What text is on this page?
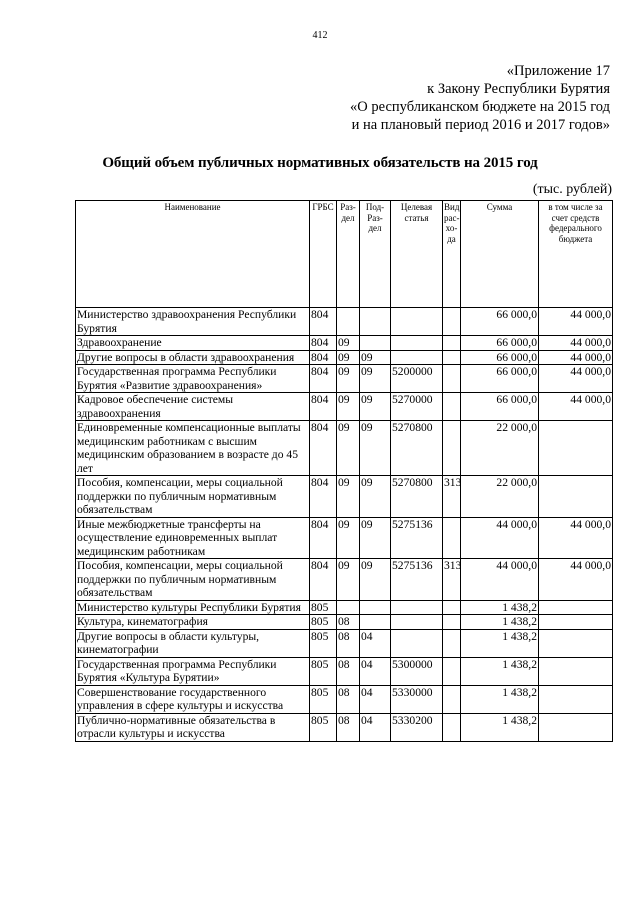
412
«Приложение 17
к Закону Республики Бурятия
«О республиканском бюджете на 2015 год
и на плановый период 2016 и 2017 годов»
Общий объем публичных нормативных обязательств на 2015 год
(тыс. рублей)
Наименование	ГРБС	Раз-дел	Под-Раз-дел	Целевая статья	Вид рас-хо-да	Сумма	в том числе за счет средств федерального бюджета
Министерство здравоохранения Республики Бурятия	804					66 000,0	44 000,0
Здравоохранение	804	09				66 000,0	44 000,0
Другие вопросы в области здравоохранения	804	09	09			66 000,0	44 000,0
Государственная программа Республики Бурятия «Развитие здравоохранения»	804	09	09	5200000		66 000,0	44 000,0
Кадровое обеспечение системы здравоохранения	804	09	09	5270000		66 000,0	44 000,0
Единовременные компенсационные выплаты медицинским работникам с высшим медицинским образованием в возрасте до 45 лет	804	09	09	5270800		22 000,0	
Пособия, компенсации, меры социальной поддержки по публичным нормативным обязательствам	804	09	09	5270800	313	22 000,0	
Иные межбюджетные трансферты на осуществление единовременных выплат медицинским работникам	804	09	09	5275136		44 000,0	44 000,0
Пособия, компенсации, меры социальной поддержки по публичным нормативным обязательствам	804	09	09	5275136	313	44 000,0	44 000,0
Министерство культуры Республики Бурятия	805					1 438,2	
Культура, кинематография	805	08				1 438,2	
Другие вопросы в области культуры, кинематографии	805	08	04			1 438,2	
Государственная программа Республики Бурятия «Культура Бурятии»	805	08	04	5300000		1 438,2	
Совершенствование государственного управления в сфере культуры и искусства	805	08	04	5330000		1 438,2	
Публично-нормативные обязательства в отрасли культуры и искусства	805	08	04	5330200		1 438,2	
